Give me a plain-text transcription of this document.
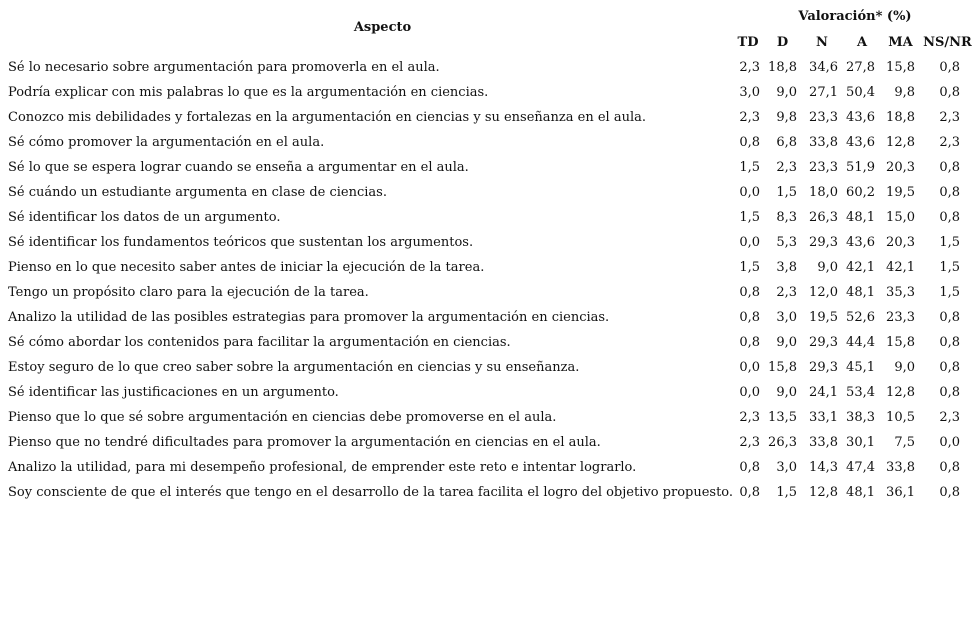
Aspecto
Valoración* (%)
TD	D	N	A	MA NS/NR
Sé lo necesario sobre argumentación para promoverla en el aula.	2,3 18,8 34,6 27,8 15,8	0,8
Podría explicar con mis palabras lo que es la argumentación en ciencias.	3,0	9,0 27,1 50,4	9,8	0,8
Conozco mis debilidades y fortalezas en la argumentación en ciencias y su enseñanza en el aula.	2,3	9,8 23,3 43,6 18,8	2,3
Sé cómo promover la argumentación en el aula.	0,8	6,8 33,8 43,6 12,8	2,3
Sé lo que se espera lograr cuando se enseña a argumentar en el aula.	1,5	2,3 23,3 51,9 20,3	0,8
Sé cuándo un estudiante argumenta en clase de ciencias.	0,0	1,5 18,0 60,2 19,5	0,8
Sé identificar los datos de un argumento.	1,5	8,3 26,3 48,1 15,0	0,8
Sé identificar los fundamentos teóricos que sustentan los argumentos.	0,0	5,3 29,3 43,6 20,3	1,5
Pienso en lo que necesito saber antes de iniciar la ejecución de la tarea.	1,5	3,8	9,0 42,1 42,1	1,5
Tengo un propósito claro para la ejecución de la tarea.	0,8	2,3 12,0 48,1 35,3	1,5
Analizo la utilidad de las posibles estrategias para promover la argumentación en ciencias.	0,8	3,0 19,5 52,6 23,3	0,8
Sé cómo abordar los contenidos para facilitar la argumentación en ciencias.	0,8	9,0 29,3 44,4 15,8	0,8
Estoy seguro de lo que creo saber sobre la argumentación en ciencias y su enseñanza.	0,0 15,8 29,3 45,1	9,0	0,8
Sé identificar las justificaciones en un argumento.	0,0	9,0 24,1 53,4 12,8	0,8
Pienso que lo que sé sobre argumentación en ciencias debe promoverse en el aula.	2,3 13,5 33,1 38,3 10,5	2,3
Pienso que no tendré dificultades para promover la argumentación en ciencias en el aula.	2,3 26,3 33,8 30,1	7,5	0,0
Analizo la utilidad, para mi desempeño profesional, de emprender este reto e intentar lograrlo.	0,8	3,0 14,3 47,4 33,8	0,8
Soy consciente de que el interés que tengo en el desarrollo de la tarea facilita el logro del objetivo propuesto. 0,8	1,5 12,8 48,1 36,1	0,8
